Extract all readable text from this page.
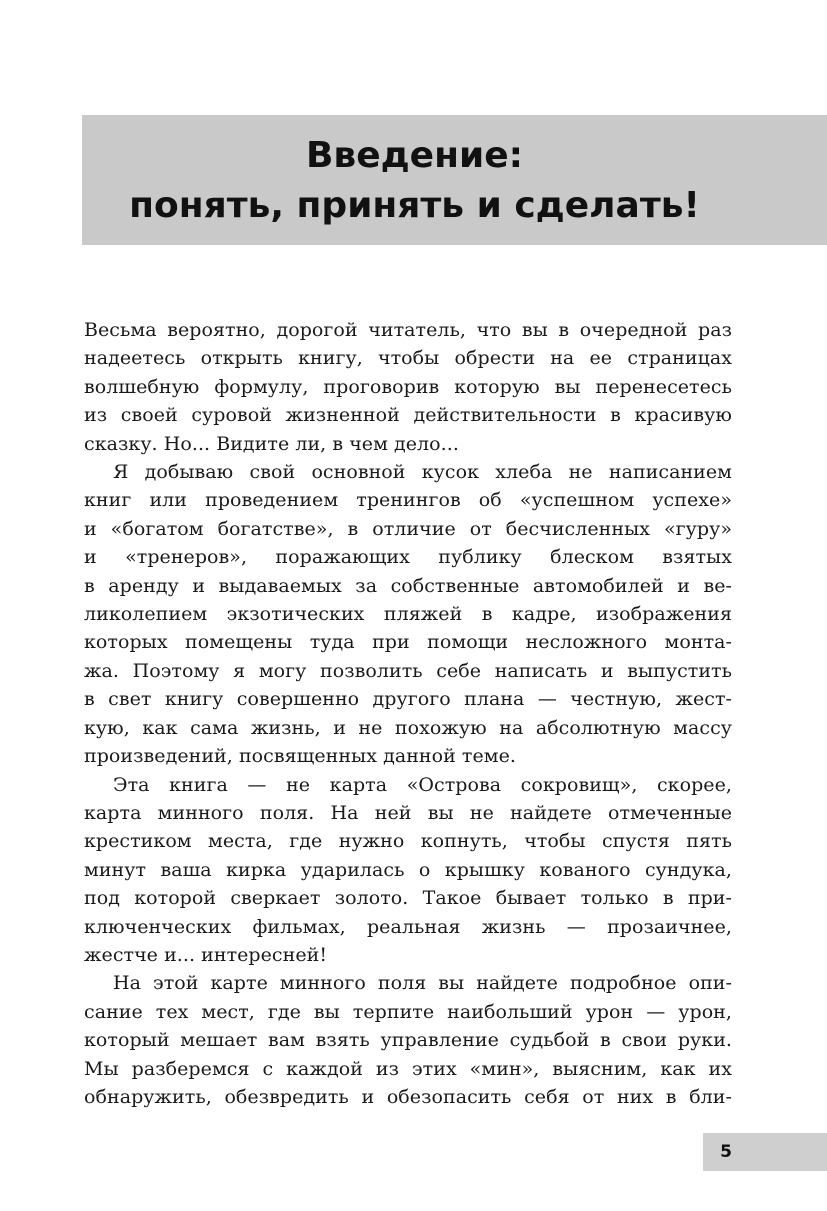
Введение:
понять, принять и сделать!
Весьма вероятно, дорогой читатель, что вы в очередной раз
надеетесь открыть книгу, чтобы обрести на ее страницах
волшебную формулу, проговорив которую вы перенесетесь
из своей суровой жизненной действительности в красивую
сказку. Но... Видите ли, в чем дело...
Я добываю свой основной кусок хлеба не написанием
книг или проведением тренингов об «успешном успехе»
и «богатом богатстве», в отличие от бесчисленных «гуру»
и «тренеров», поражающих публику блеском взятых
в аренду и выдаваемых за собственные автомобилей и ве-
ликолепием экзотических пляжей в кадре, изображения
которых помещены туда при помощи несложного монта-
жа. Поэтому я могу позволить себе написать и выпустить
в свет книгу совершенно другого плана — честную, жест-
кую, как сама жизнь, и не похожую на абсолютную массу
произведений, посвященных данной теме.
Эта книга — не карта «Острова сокровищ», скорее,
карта минного поля. На ней вы не найдете отмеченные
крестиком места, где нужно копнуть, чтобы спустя пять
минут ваша кирка ударилась о крышку кованого сундука,
под которой сверкает золото. Такое бывает только в при-
ключенческих фильмах, реальная жизнь — прозаичнее,
жестче и... интересней!
На этой карте минного поля вы найдете подробное опи-
сание тех мест, где вы терпите наибольший урон — урон,
который мешает вам взять управление судьбой в свои руки.
Мы разберемся с каждой из этих «мин», выясним, как их
обнаружить, обезвредить и обезопасить себя от них в бли-
5
